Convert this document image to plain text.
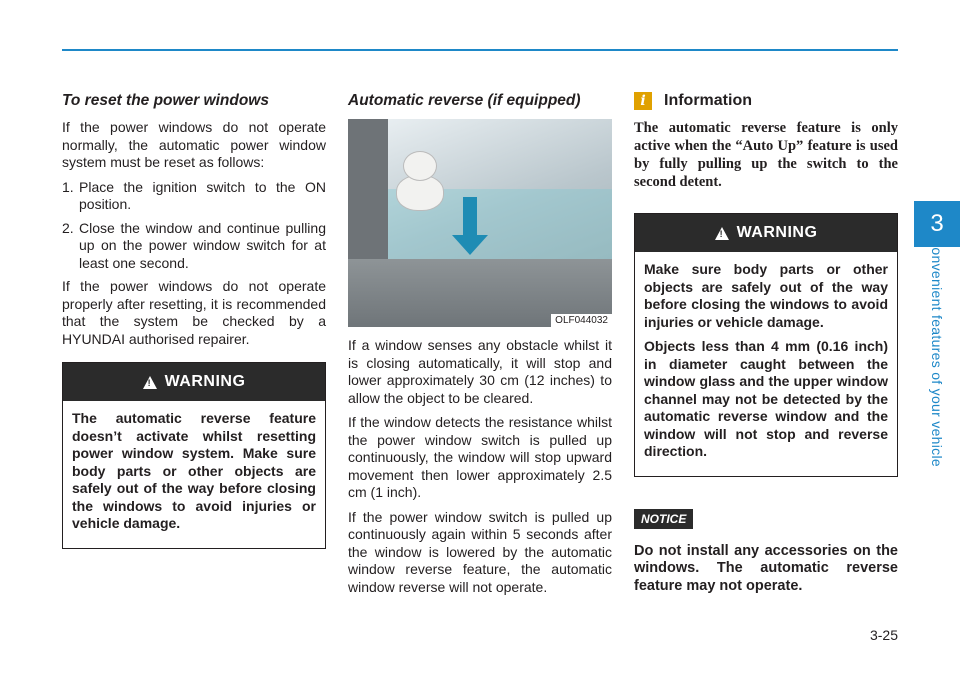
3
Convenient features of your vehicle
To reset the power windows

If the power windows do not operate normally, the automatic power window system must be reset as follows:

1. Place the ignition switch to the ON position.
2. Close the window and continue pulling up on the power window switch for at least one second.

If the power windows do not operate properly after resetting, it is recommended that the system be checked by a HYUNDAI authorised repairer.

!
WARNING

The automatic reverse feature doesn’t activate whilst resetting power window system. Make sure body parts or other objects are safely out of the way before closing the windows to avoid injuries or vehicle damage.

Automatic reverse (if equipped)
OLF044032

If a window senses any obstacle whilst it is closing automatically, it will stop and lower approximately 30 cm (12 inches) to allow the object to be cleared.

If the window detects the resistance whilst the power window switch is pulled up continuously, the window will stop upward movement then lower approximately 2.5 cm (1 inch).

If the power window switch is pulled up continuously again within 5 seconds after the window is lowered by the automatic window reverse feature, the automatic window reverse will not operate.

i	Information

The automatic reverse feature is only active when the “Auto Up” feature is used by fully pulling up the switch to the second detent.

!
WARNING

Make sure body parts or other objects are safely out of the way before closing the windows to avoid injuries or vehicle damage.

Objects less than 4 mm (0.16 inch) in diameter caught between the window glass and the upper window channel may not be detected by the automatic reverse window and the window will not stop and reverse direction.

NOTICE

Do not install any accessories on the windows. The automatic reverse feature may not operate.

3-25
